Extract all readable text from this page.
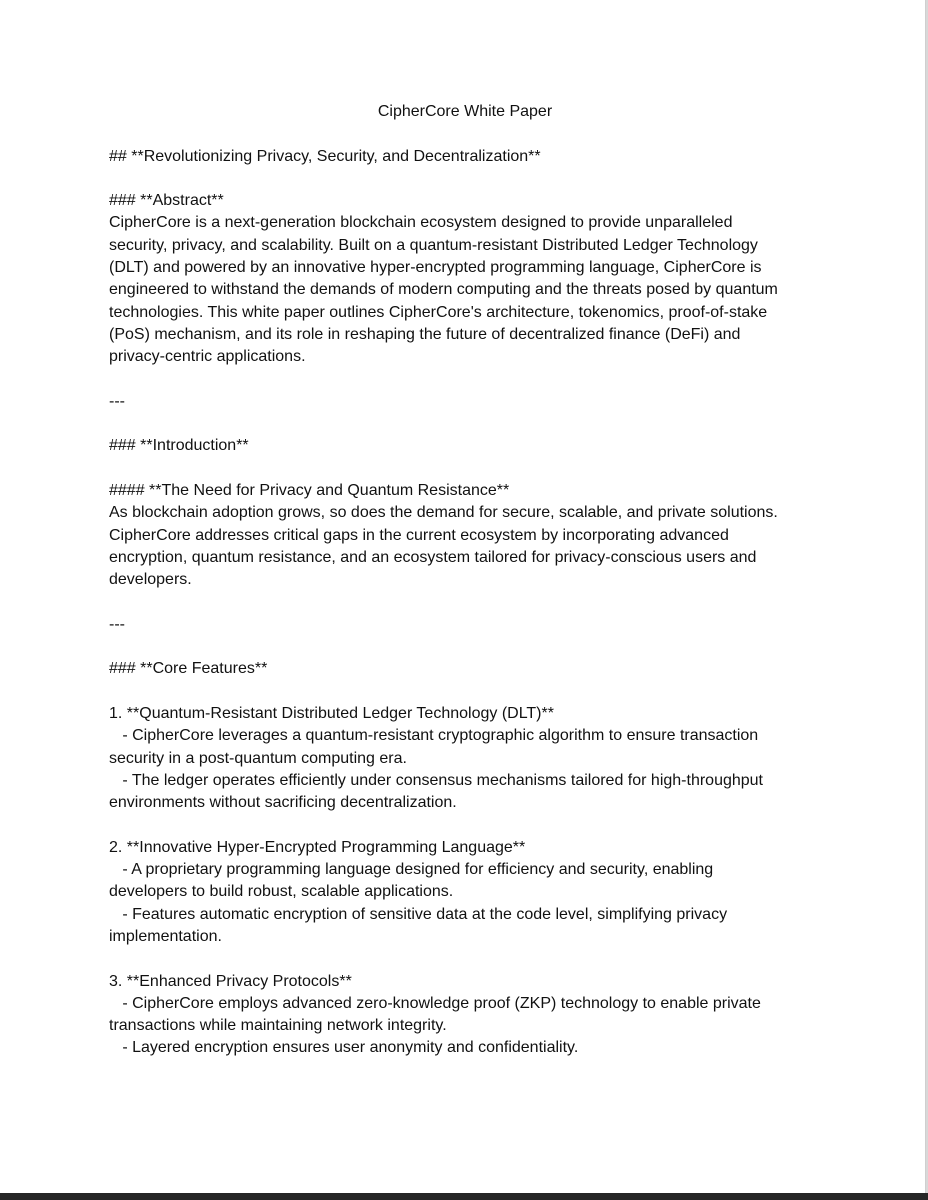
CipherCore White Paper
## **Revolutionizing Privacy, Security, and Decentralization**
### **Abstract**
CipherCore is a next-generation blockchain ecosystem designed to provide unparalleled
security, privacy, and scalability. Built on a quantum-resistant Distributed Ledger Technology
(DLT) and powered by an innovative hyper-encrypted programming language, CipherCore is
engineered to withstand the demands of modern computing and the threats posed by quantum
technologies. This white paper outlines CipherCore's architecture, tokenomics, proof-of-stake
(PoS) mechanism, and its role in reshaping the future of decentralized finance (DeFi) and
privacy-centric applications.
---
### **Introduction**
#### **The Need for Privacy and Quantum Resistance**
As blockchain adoption grows, so does the demand for secure, scalable, and private solutions.
CipherCore addresses critical gaps in the current ecosystem by incorporating advanced
encryption, quantum resistance, and an ecosystem tailored for privacy-conscious users and
developers.
---
### **Core Features**
1. **Quantum-Resistant Distributed Ledger Technology (DLT)**
- CipherCore leverages a quantum-resistant cryptographic algorithm to ensure transaction
security in a post-quantum computing era.
- The ledger operates efficiently under consensus mechanisms tailored for high-throughput
environments without sacrificing decentralization.
2. **Innovative Hyper-Encrypted Programming Language**
- A proprietary programming language designed for efficiency and security, enabling
developers to build robust, scalable applications.
- Features automatic encryption of sensitive data at the code level, simplifying privacy
implementation.
3. **Enhanced Privacy Protocols**
- CipherCore employs advanced zero-knowledge proof (ZKP) technology to enable private
transactions while maintaining network integrity.
- Layered encryption ensures user anonymity and confidentiality.
